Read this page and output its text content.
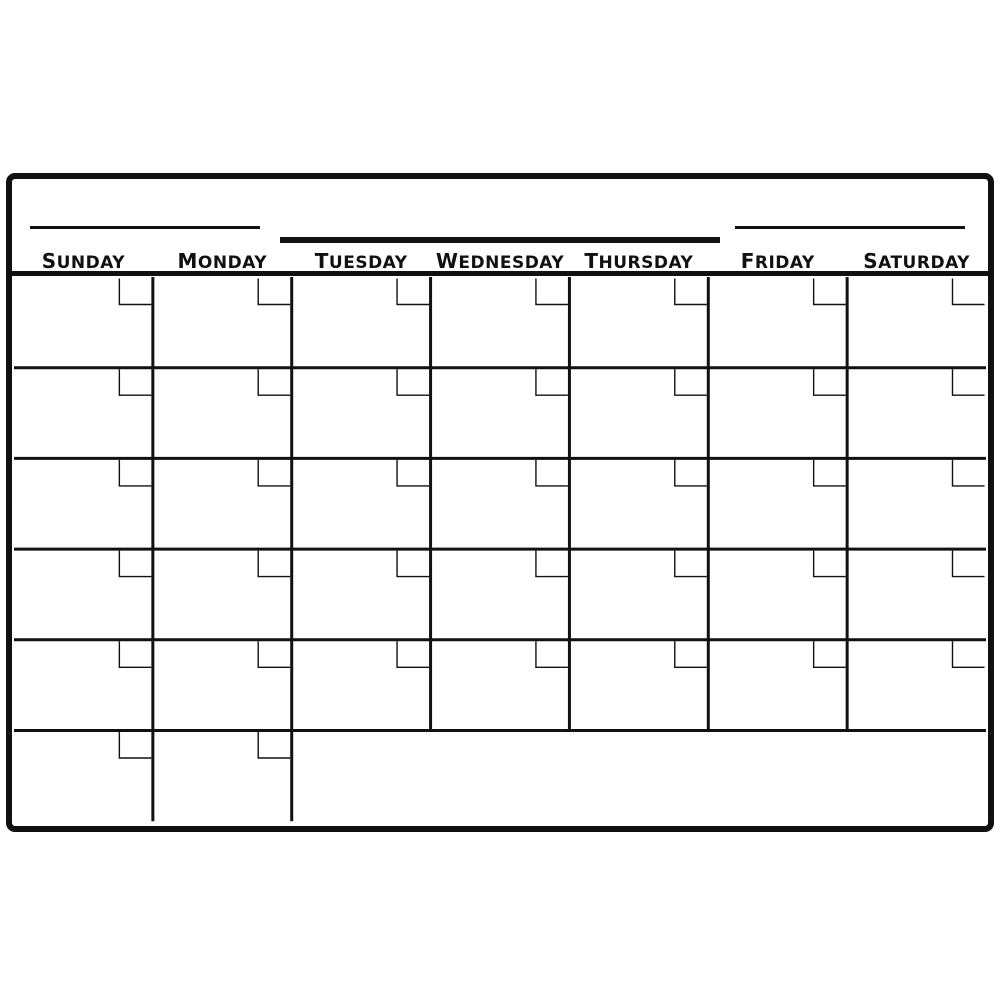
SUNDAY	MONDAY TUESDAY WEDNESDAY THURSDAY FRIDAY SATURDAY
